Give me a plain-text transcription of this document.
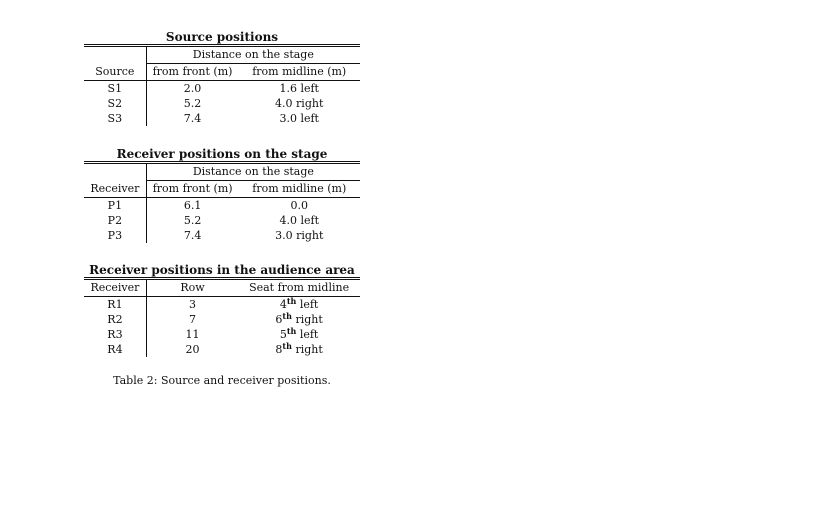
Source positions
	Distance on the stage	
Source	from front (m)	from midline (m)
S1	2.0	1.6 left
S2	5.2	4.0 right
S3	7.4	3.0 left
Receiver positions on the stage
	Distance on the stage	
Receiver	from front (m)	from midline (m)
P1	6.1	0.0
P2	5.2	4.0 left
P3	7.4	3.0 right
Receiver positions in the audience area
Receiver	Row	Seat from midline
R1	3	4th left
R2	7	6th right
R3	11	5th left
R4	20	8th right
Table 2: Source and receiver positions.
